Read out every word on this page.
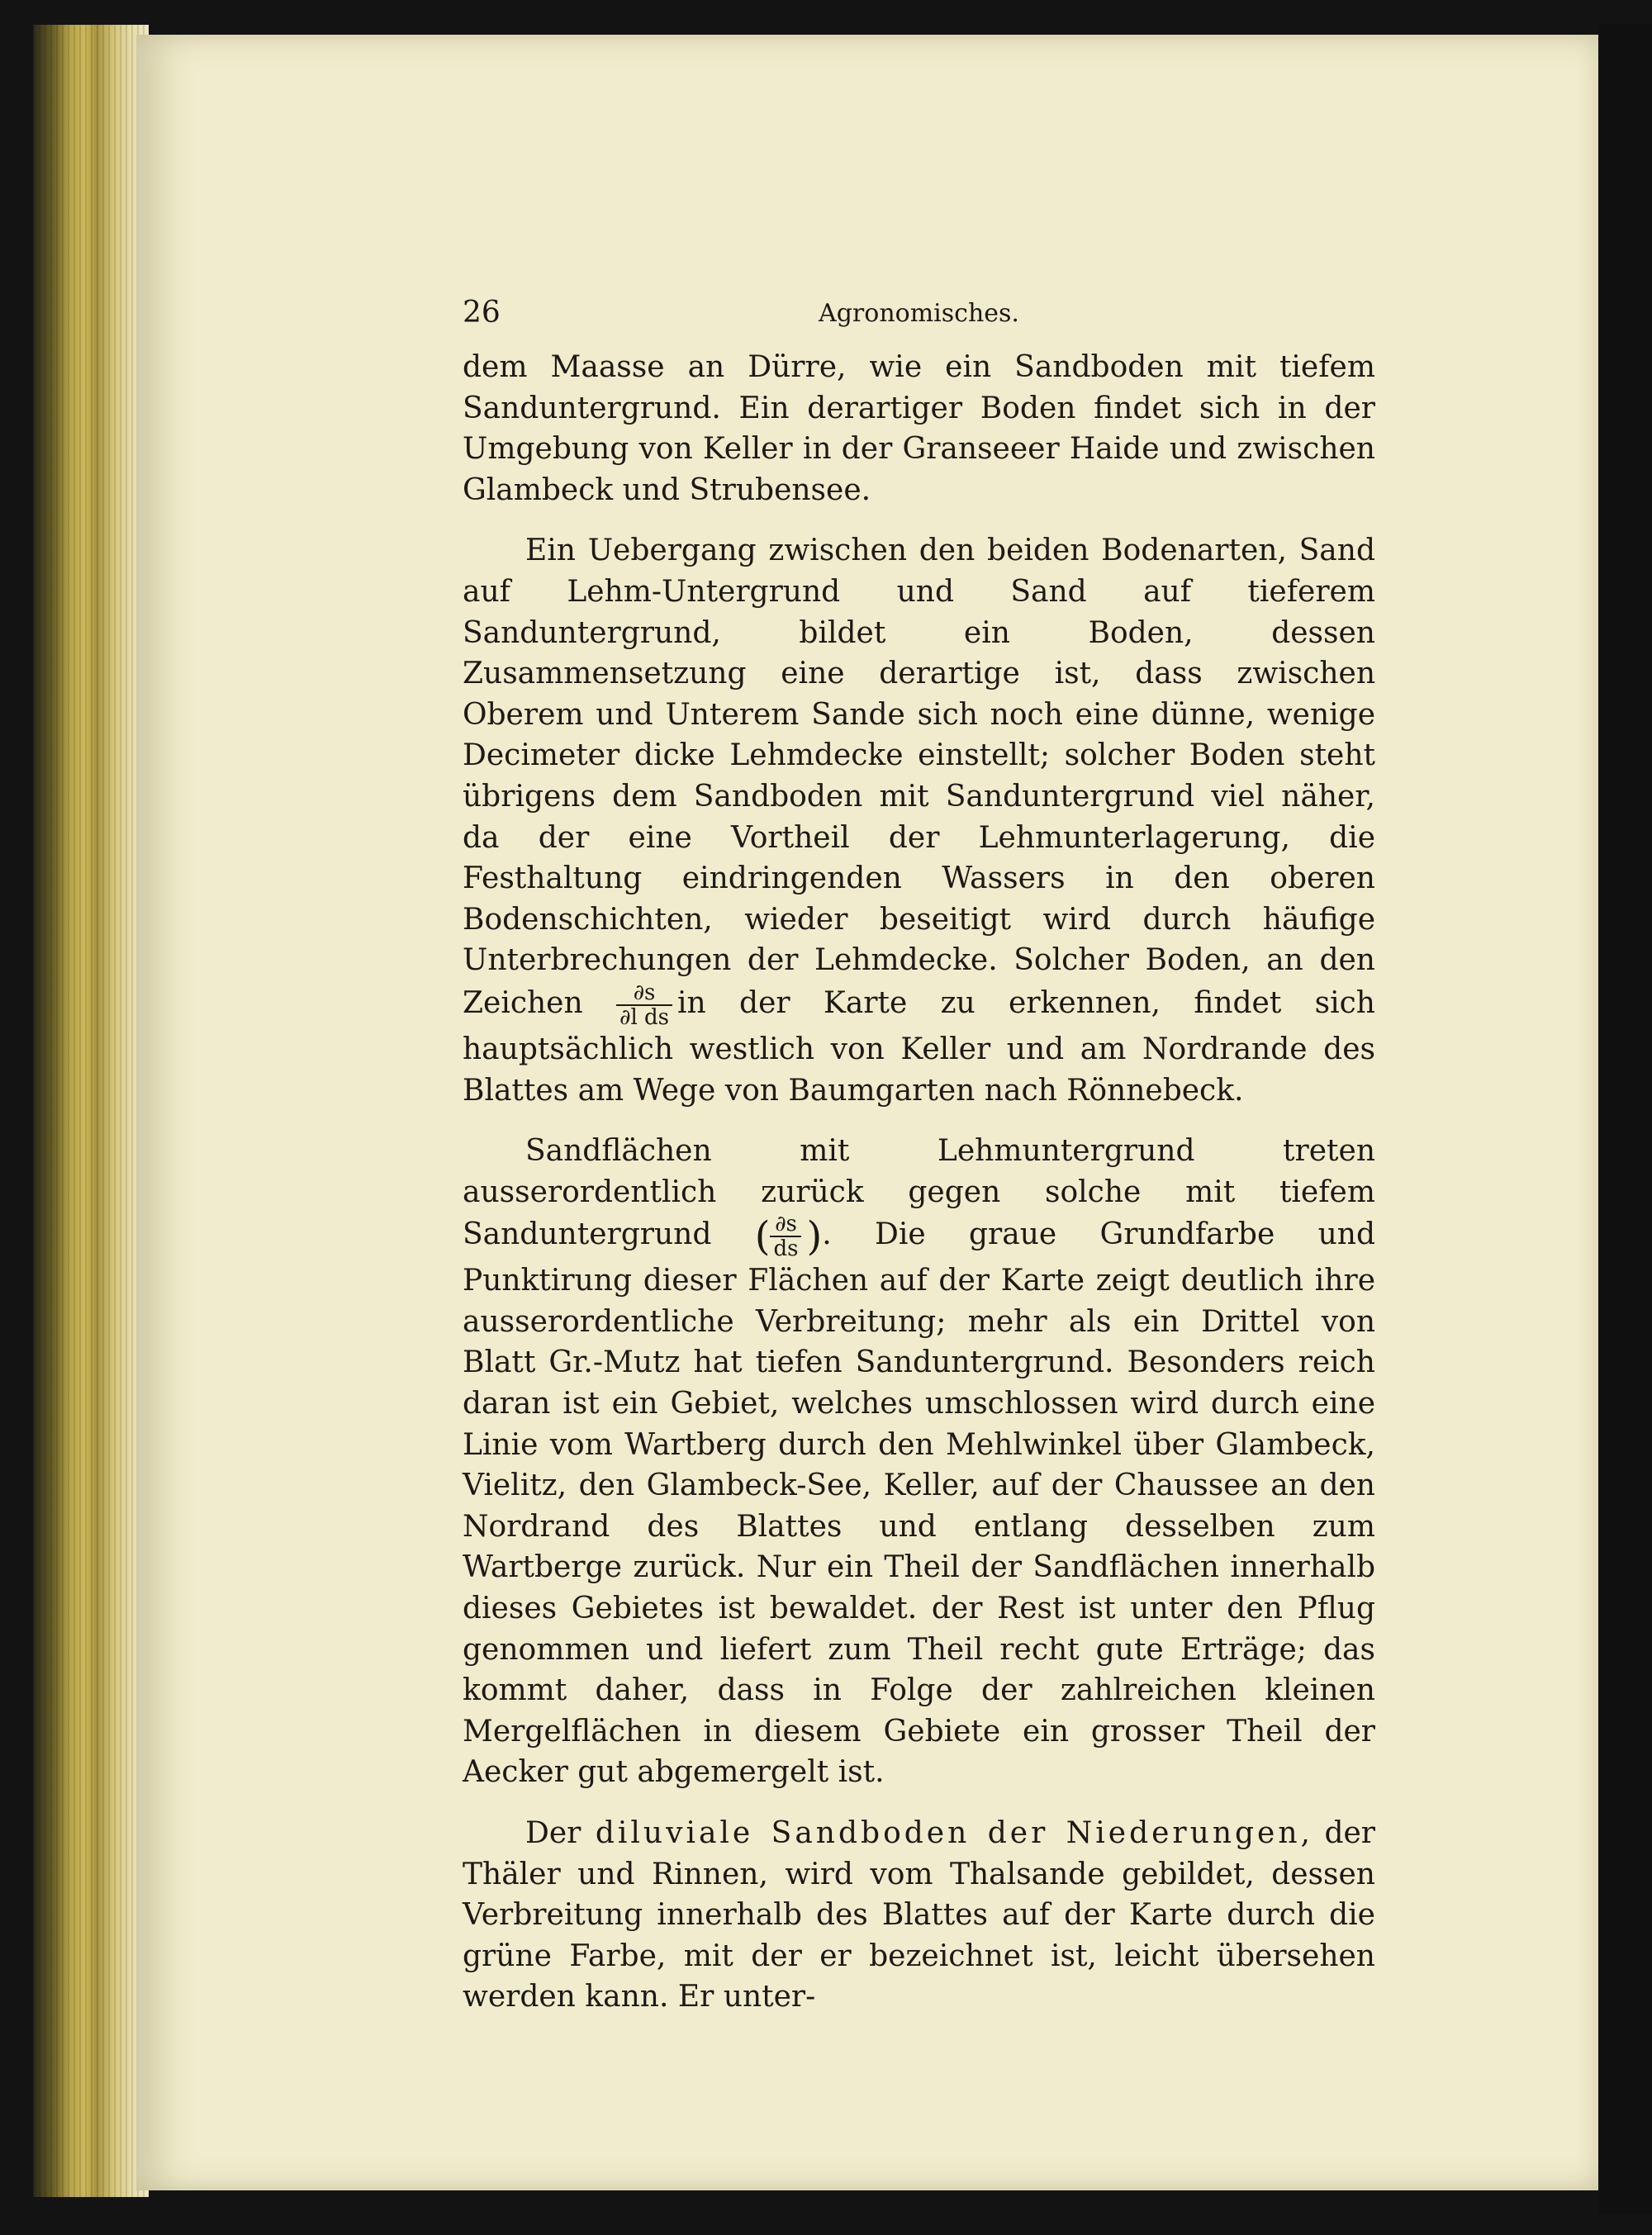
26	Agronomisches.

dem Maasse an Dürre, wie ein Sandboden mit tiefem Sanduntergrund. Ein derartiger Boden findet sich in der Umgebung von Keller in der Granseeer Haide und zwischen Glambeck und Strubensee.

Ein Uebergang zwischen den beiden Bodenarten, Sand auf Lehm-Untergrund und Sand auf tieferem Sanduntergrund, bildet ein Boden, dessen Zusammensetzung eine derartige ist, dass zwischen Oberem und Unterem Sande sich noch eine dünne, wenige Decimeter dicke Lehmdecke einstellt; solcher Boden steht übrigens dem Sandboden mit Sanduntergrund viel näher, da der eine Vortheil der Lehmunterlagerung, die Festhaltung eindringenden Wassers in den oberen Bodenschichten, wieder beseitigt wird durch häufige Unterbrechungen der Lehmdecke. Solcher Boden, an den Zeichen $\frac{\partial s}{\text{∂l ds}}$ in der Karte zu erkennen, findet sich hauptsächlich westlich von Keller und am Nordrande des Blattes am Wege von Baumgarten nach Rönnebeck.

Sandflächen mit Lehmuntergrund treten ausserordentlich zurück gegen solche mit tiefem Sanduntergrund ( $\frac{\partial s}{ds}$ ). Die graue Grundfarbe und Punktirung dieser Flächen auf der Karte zeigt deutlich ihre ausserordentliche Verbreitung; mehr als ein Drittel von Blatt Gr.-Mutz hat tiefen Sanduntergrund. Besonders reich daran ist ein Gebiet, welches umschlossen wird durch eine Linie vom Wartberg durch den Mehlwinkel über Glambeck, Vielitz, den Glambeck-See, Keller, auf der Chaussee an den Nordrand des Blattes und entlang desselben zum Wartberge zurück. Nur ein Theil der Sandflächen innerhalb dieses Gebietes ist bewaldet. der Rest ist unter den Pflug genommen und liefert zum Theil recht gute Erträge; das kommt daher, dass in Folge der zahlreichen kleinen Mergelflächen in diesem Gebiete ein grosser Theil der Aecker gut abgemergelt ist.

Der diluviale Sandboden der Niederungen, der Thäler und Rinnen, wird vom Thalsande gebildet, dessen Verbreitung innerhalb des Blattes auf der Karte durch die grüne Farbe, mit der er bezeichnet ist, leicht übersehen werden kann. Er unter-
